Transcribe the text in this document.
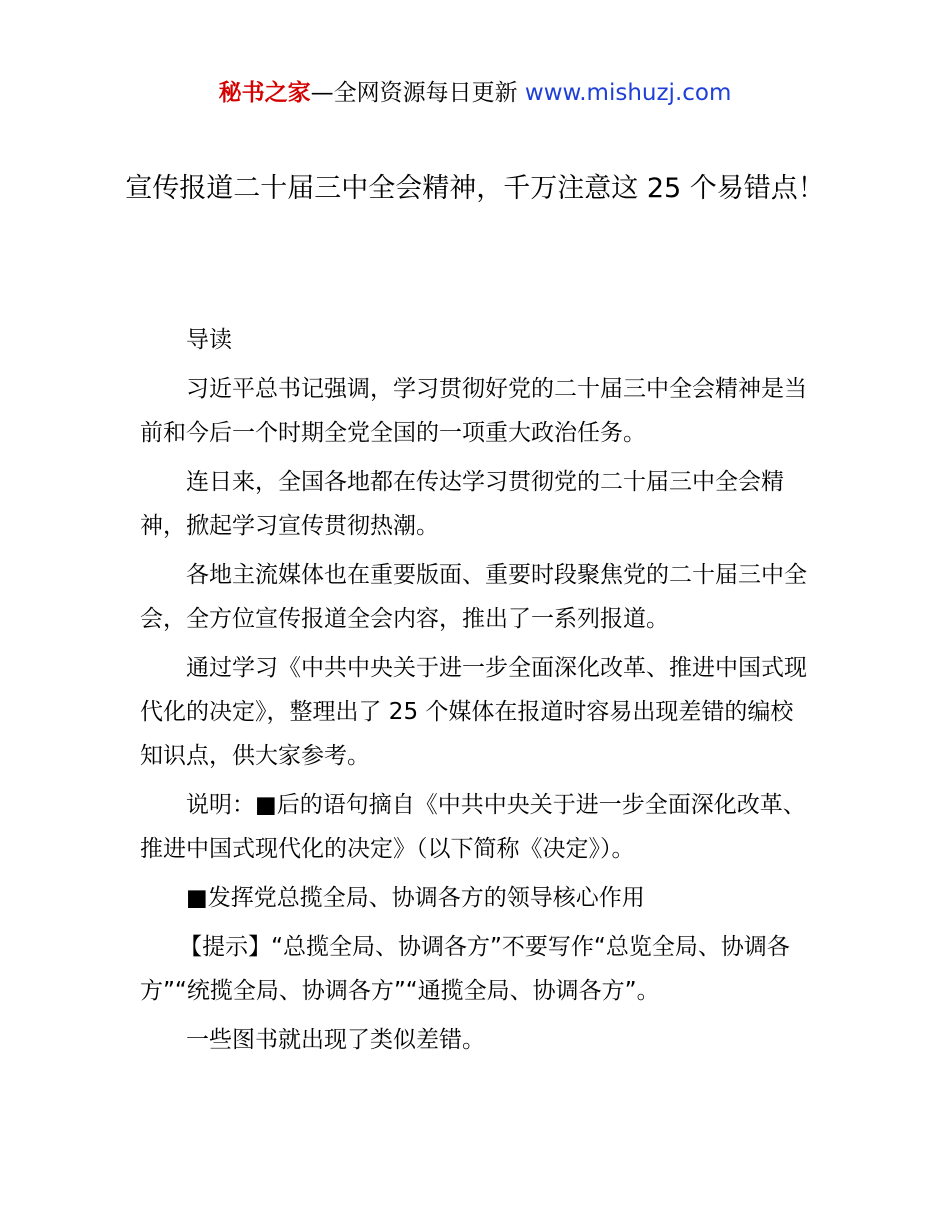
秘书之家—全网资源每日更新 www.mishuzj.com
宣传报道二十届三中全会精神，千万注意这 25 个易错点！

导读

习近平总书记强调，学习贯彻好党的二十届三中全会精神是当前和今后一个时期全党全国的一项重大政治任务。

连日来，全国各地都在传达学习贯彻党的二十届三中全会精神，掀起学习宣传贯彻热潮。

各地主流媒体也在重要版面、重要时段聚焦党的二十届三中全会，全方位宣传报道全会内容，推出了一系列报道。

通过学习《中共中央关于进一步全面深化改革、推进中国式现代化的决定》，整理出了 25 个媒体在报道时容易出现差错的编校知识点，供大家参考。

说明：■后的语句摘自《中共中央关于进一步全面深化改革、推进中国式现代化的决定》（以下简称《决定》）。

■发挥党总揽全局、协调各方的领导核心作用

【提示】“总揽全局、协调各方”不要写作“总览全局、协调各方”“统揽全局、协调各方”“通揽全局、协调各方”。

一些图书就出现了类似差错。
